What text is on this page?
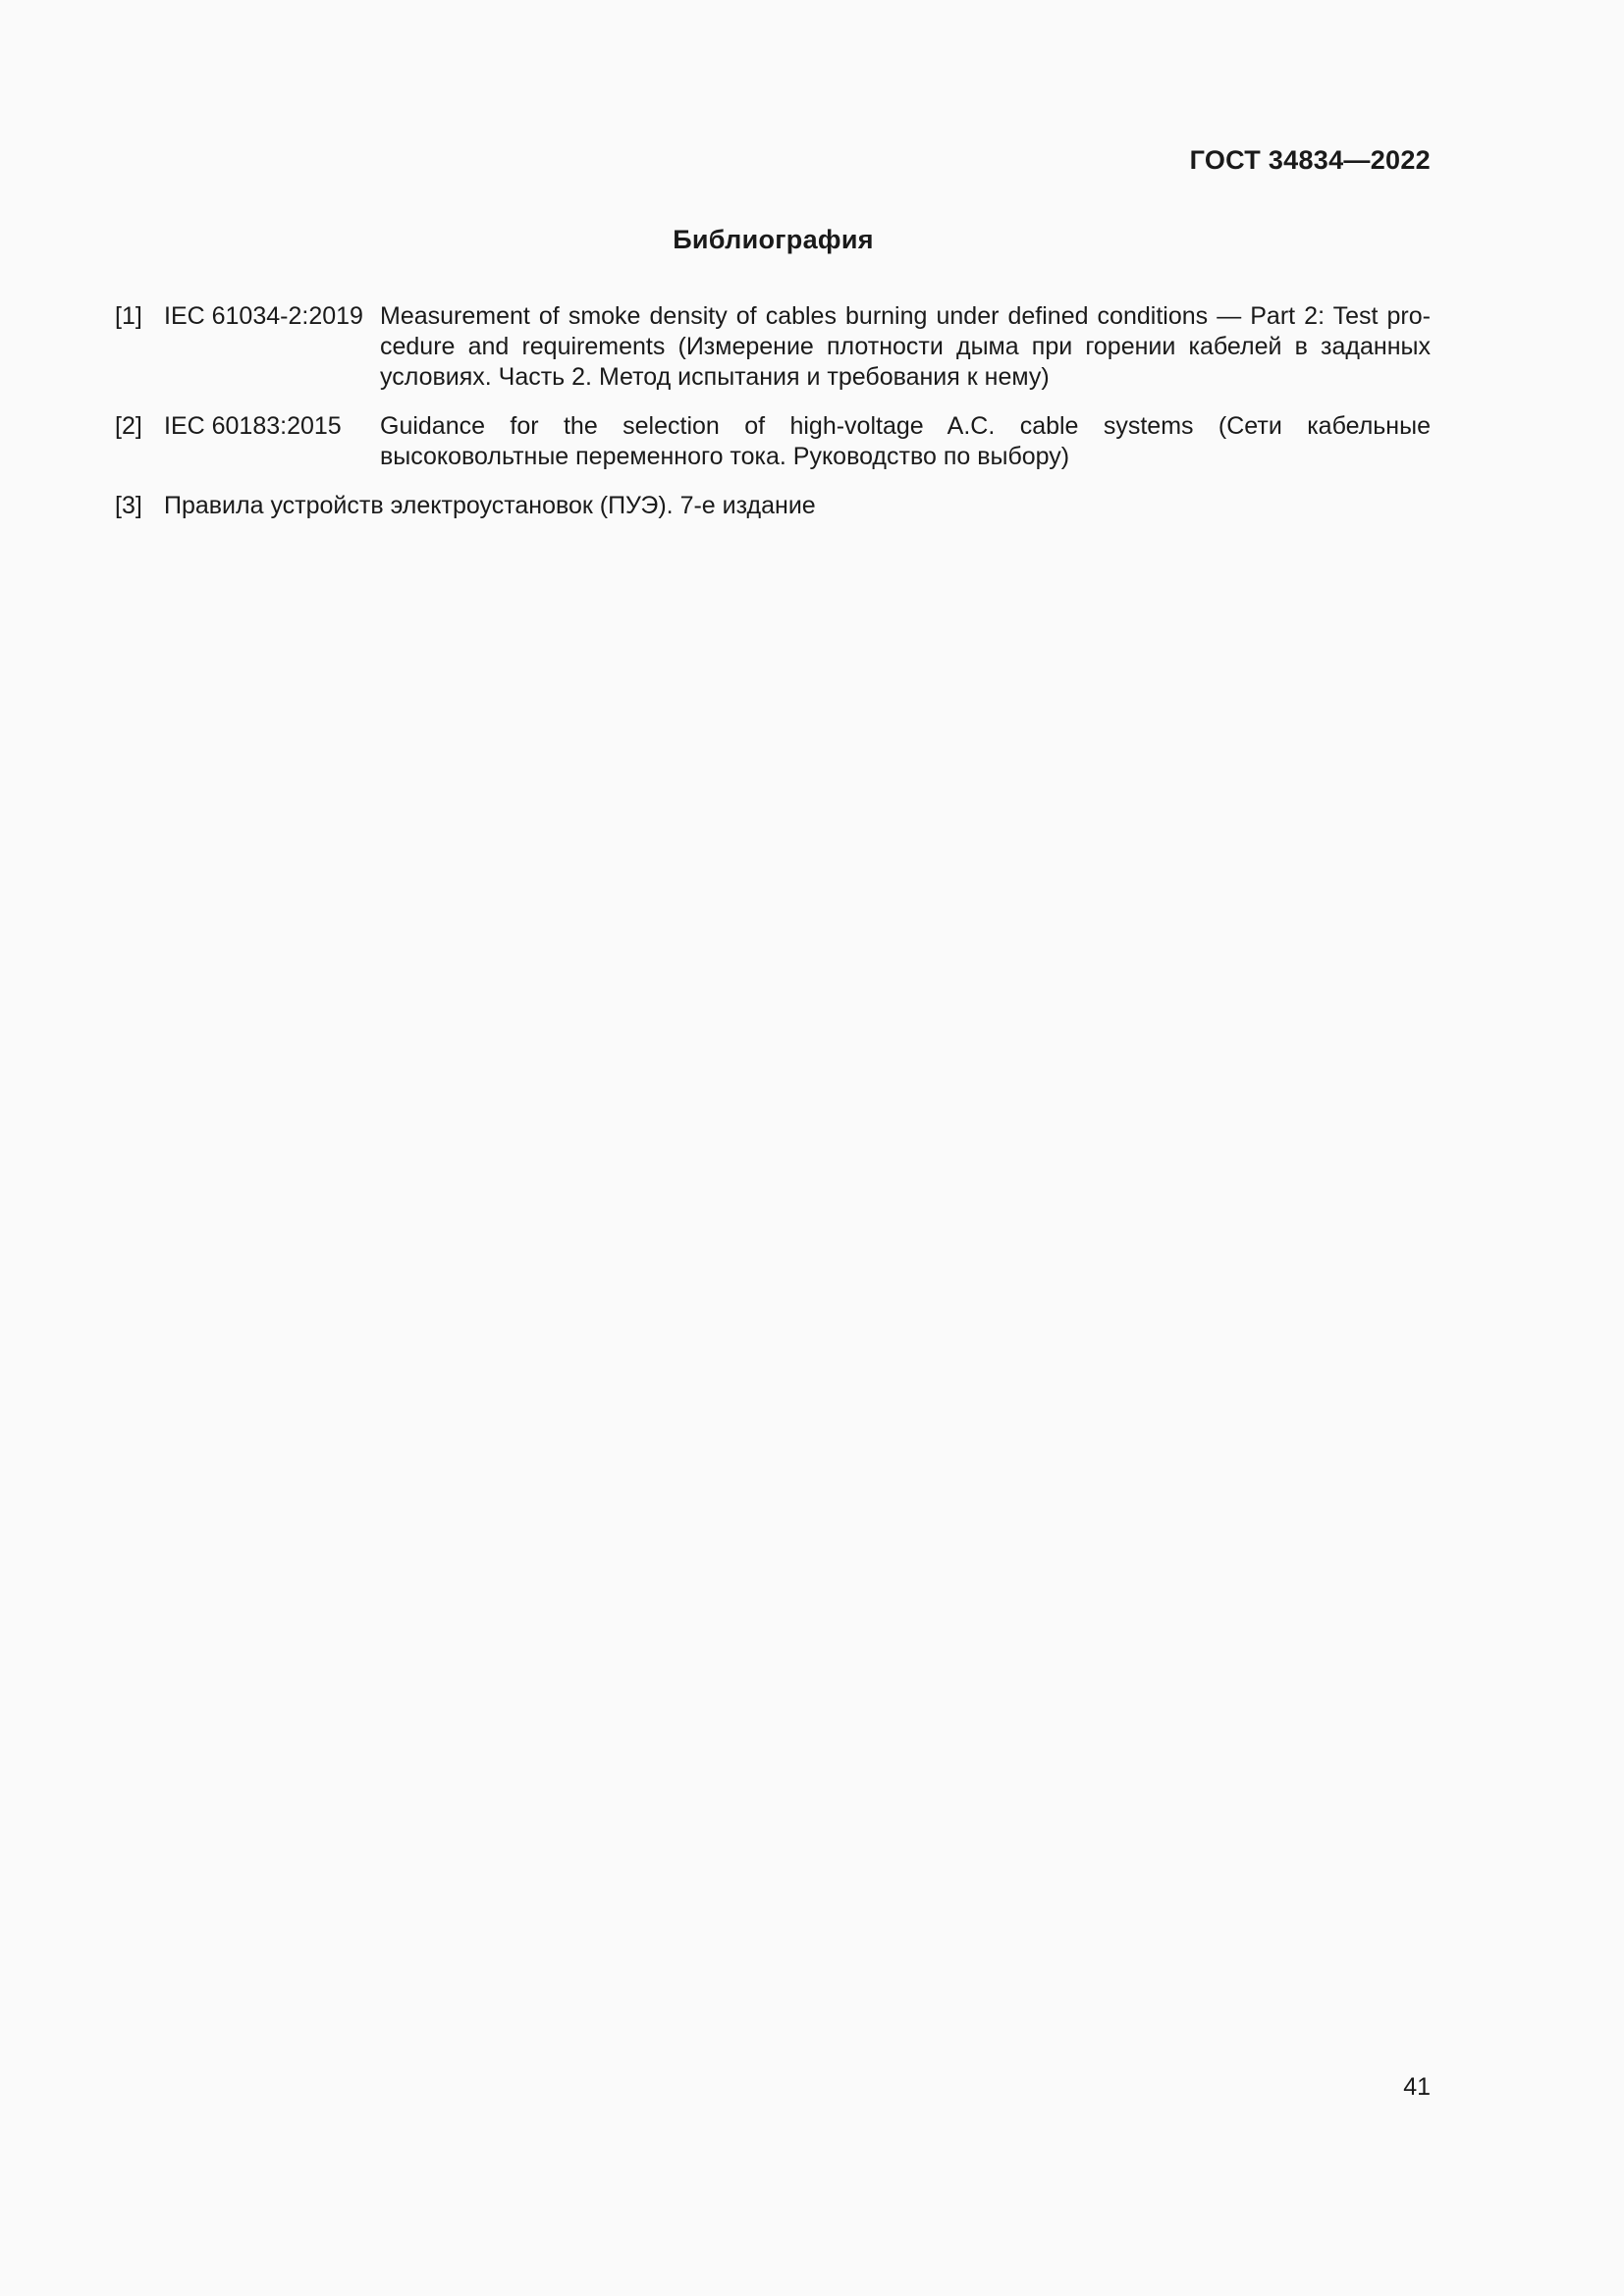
ГОСТ 34834—2022

Библиография
[1] IEC 61034-2:2019 Measurement of smoke density of cables burning under defined conditions — Part 2: Test procedure and requirements (Измерение плотности дыма при горении кабелей в заданных условиях. Часть 2. Метод испытания и требования к нему)
[2] IEC 60183:2015	Guidance for the selection of high-voltage A.C. cable systems (Сети кабельные высоковольтные переменного тока. Руководство по выбору)
[3] Правила устройств электроустановок (ПУЭ). 7-е издание

41
